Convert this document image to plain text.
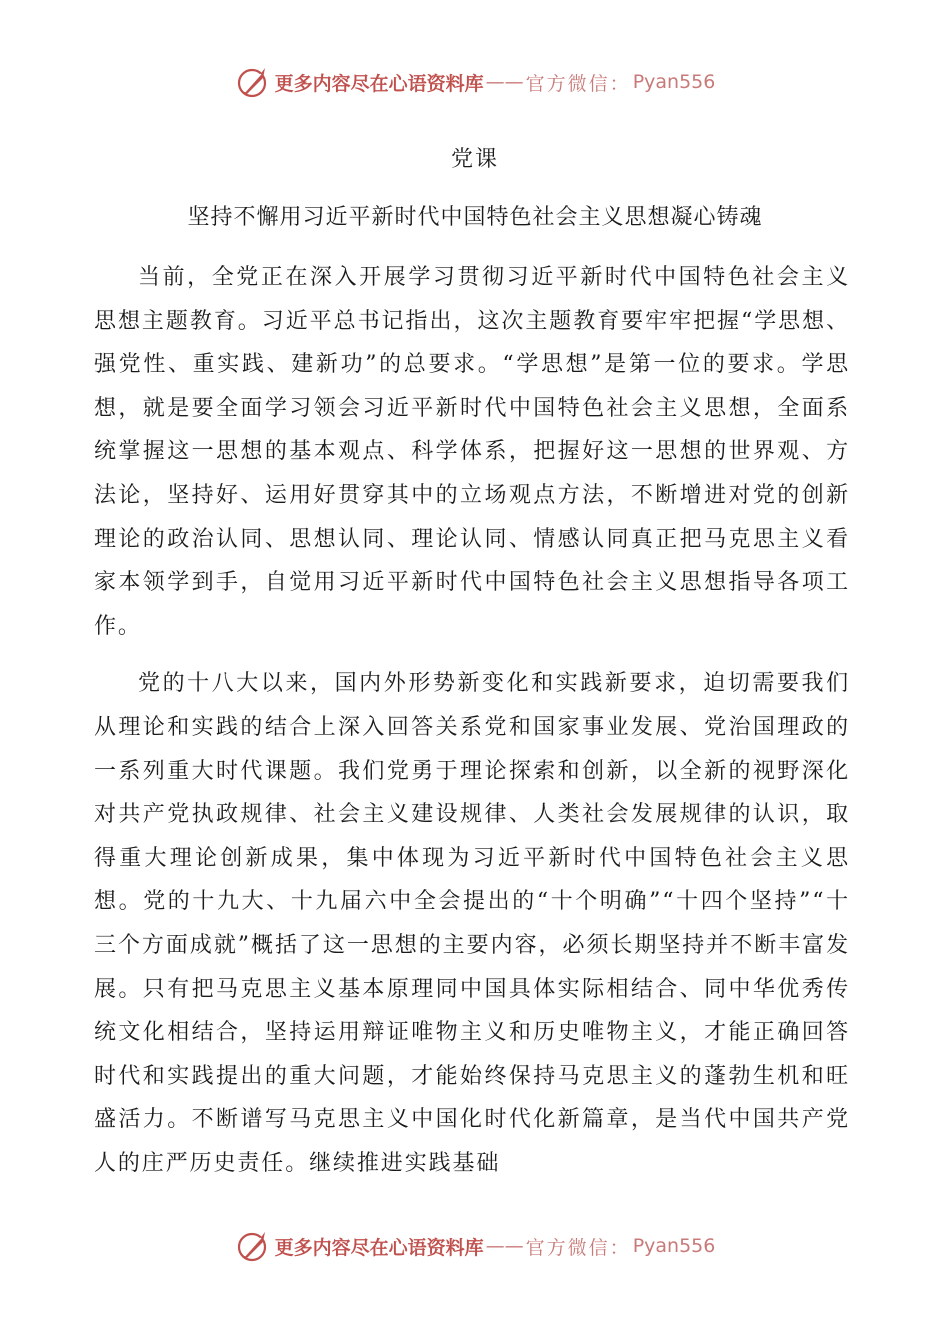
更多内容尽在心语资料库 —— 官方微信： Pyan556
党课
坚持不懈用习近平新时代中国特色社会主义思想凝心铸魂

当前，全党正在深入开展学习贯彻习近平新时代中国特色社会主义思想主题教育。习近平总书记指出，这次主题教育要牢牢把握“学思想、强党性、重实践、建新功”的总要求。“学思想”是第一位的要求。学思想，就是要全面学习领会习近平新时代中国特色社会主义思想，全面系统掌握这一思想的基本观点、科学体系，把握好这一思想的世界观、方法论，坚持好、运用好贯穿其中的立场观点方法，不断增进对党的创新理论的政治认同、思想认同、理论认同、情感认同真正把马克思主义看家本领学到手，自觉用习近平新时代中国特色社会主义思想指导各项工作。

党的十八大以来，国内外形势新变化和实践新要求，迫切需要我们从理论和实践的结合上深入回答关系党和国家事业发展、党治国理政的一系列重大时代课题。我们党勇于理论探索和创新，以全新的视野深化对共产党执政规律、社会主义建设规律、人类社会发展规律的认识，取得重大理论创新成果，集中体现为习近平新时代中国特色社会主义思想。党的十九大、十九届六中全会提出的“十个明确”“十四个坚持”“十三个方面成就”概括了这一思想的主要内容，必须长期坚持并不断丰富发展。只有把马克思主义基本原理同中国具体实际相结合、同中华优秀传统文化相结合，坚持运用辩证唯物主义和历史唯物主义，才能正确回答时代和实践提出的重大问题，才能始终保持马克思主义的蓬勃生机和旺盛活力。不断谱写马克思主义中国化时代化新篇章，是当代中国共产党人的庄严历史责任。继续推进实践基础

更多内容尽在心语资料库 —— 官方微信： Pyan556
